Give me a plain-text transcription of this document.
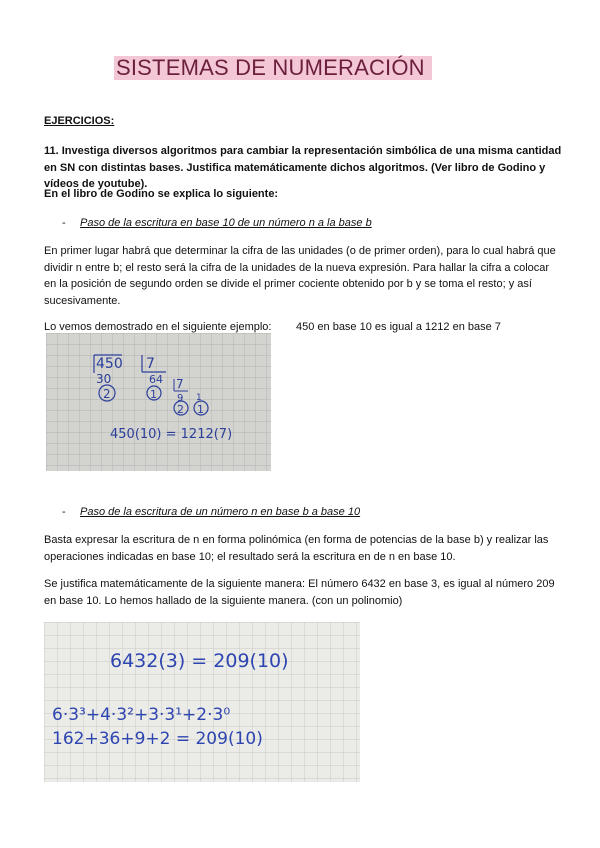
SISTEMAS DE NUMERACIÓN
EJERCICIOS:
11. Investiga diversos algoritmos para cambiar la representación simbólica de una misma cantidad en SN con distintas bases. Justifica matemáticamente dichos algoritmos. (Ver libro de Godino y vídeos de youtube).
En el libro de Godino se explica lo siguiente:
- Paso de la escritura en base 10 de un número n a la base b
En primer lugar habrá que determinar la cifra de las unidades (o de primer orden), para lo cual habrá que dividir n entre b; el resto será la cifra de la unidades de la nueva expresión. Para hallar la cifra a colocar en la posición de segundo orden se divide el primer cociente obtenido por b y se toma el resto; y así sucesivamente.
Lo vemos demostrado en el siguiente ejemplo: 450 en base 10 es igual a 1212 en base 7
450 7
30	64
2
7
9
1
2 1
1
450(10) = 1212(7)
- Paso de la escritura de un número n en base b a base 10
Basta expresar la escritura de n en forma polinómica (en forma de potencias de la base b) y realizar las operaciones indicadas en base 10; el resultado será la escritura en de n en base 10.
Se justifica matemáticamente de la siguiente manera: El número 6432 en base 3, es igual al número 209 en base 10. Lo hemos hallado de la siguiente manera. (con un polinomio)
6432(3) = 209(10)
6·3³+4·3²+3·3¹+2·3⁰
162+36+9+2 = 209(10)
